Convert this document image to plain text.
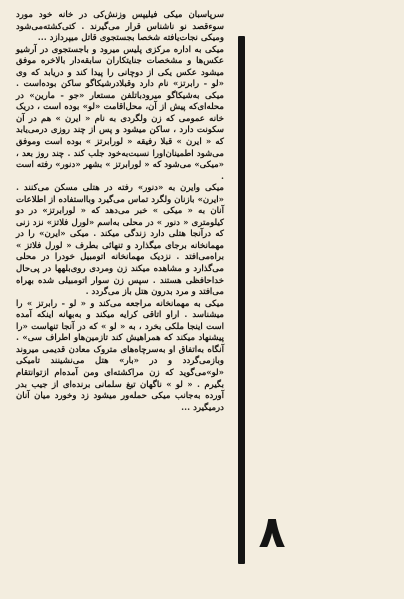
سرپاسبان میکی فیلیپس وزنش‌کی در خانه خود مورد سوءقصد نو ناشناس قرار می‌گیرند . کتی‌کشته‌می‌شود ومیکی نجات‌یافته شخصا بجستجوی قاتل میپردازد ...

میکی به اداره مرکزی پلیس میرود و باجستجوی در آرشیو عکس‌ها و مشخصات جنایتکاران سابقه‌دار بالاخره موفق میشود عکس یکی از دوچانی را پیدا کند و دریابد که وی «لو - رابرتز» نام دارد وقبلادرشیکاگو ساکن بوده‌است . میکی به‌شیکاگو میرود‌باتلفن مستعار «جو - مارین» در محله‌ای‌که پیش از آن، محل‌اقامت «لو» بوده است ، دریک خانه عمومی که زن ولگردی به نام « ایرن » هم در آن سکونت دارد ، ساکن میشود و پس از چند روزی درمی‌یابد که « ایرن » قبلا رفیقه « لورابرتز » بوده است وموفق می‌شود اطمینان‌اورا نسبت‌به‌خود جلب کند . چند روز بعد ، «میکی» می‌شود که « لورابرتز » بشهر «دنور» رفته است .

میکی وایرن به «دنور» رفته در هتلی مسکن می‌کنند . «ایرن» بازنان ولگرد تماس می‌گیرد وبااستفاده از اطلاعات آنان به « میکی » خبر می‌دهد که « لورابرتز» در دو کیلومتری « دنور » در محلی به‌اسم «لورل فلاتز» نزد زنی که درآنجا هتلی دارد زندگی میکند . میکی «ایرن» را در مهمانخانه برجای میگذارد و تنهائی بطرف « لورل فلاتز » براه‌می‌افتد . نزدیک مهمانخانه اتومبیل خودرا در محلی می‌گذارد و مشاهده میکند زن ومردی روی‌بلهها در پی‌حال خداحافظی هستند . سپس زن سوار اتومبیلی شده بهراه می‌افتد و مرد بدرون هتل باز می‌گردد .

میکی به مهمانخانه مراجعه می‌کند و « لو - رابرتز » را میشناسد . اراو اتاقی کرایه میکند و به‌بهانه اینکه آمده است اینجا ملکی بخرد ، به « لو » که در آنجا تنهاست «را پیشنهاد میکند که همراهیش کند تازمین‌هاو اطراف سی» . آنگاه به‌اتفاق او به‌سرچاه‌های متروک معادن قدیمی میروند وبازمی‌گردد و در «بار» هتل می‌نشینند تامیکی «لو»می‌گوید که زن مراکشته‌ای ومن آمده‌ام ازتوانتقام بگیرم . « لو » ناگهان تیغ سلمانی برنده‌ای از جیب بدر آورده به‌جانب میکی حمله‌ور میشود زد وخورد میان آنان درمیگیرد ...

۸
